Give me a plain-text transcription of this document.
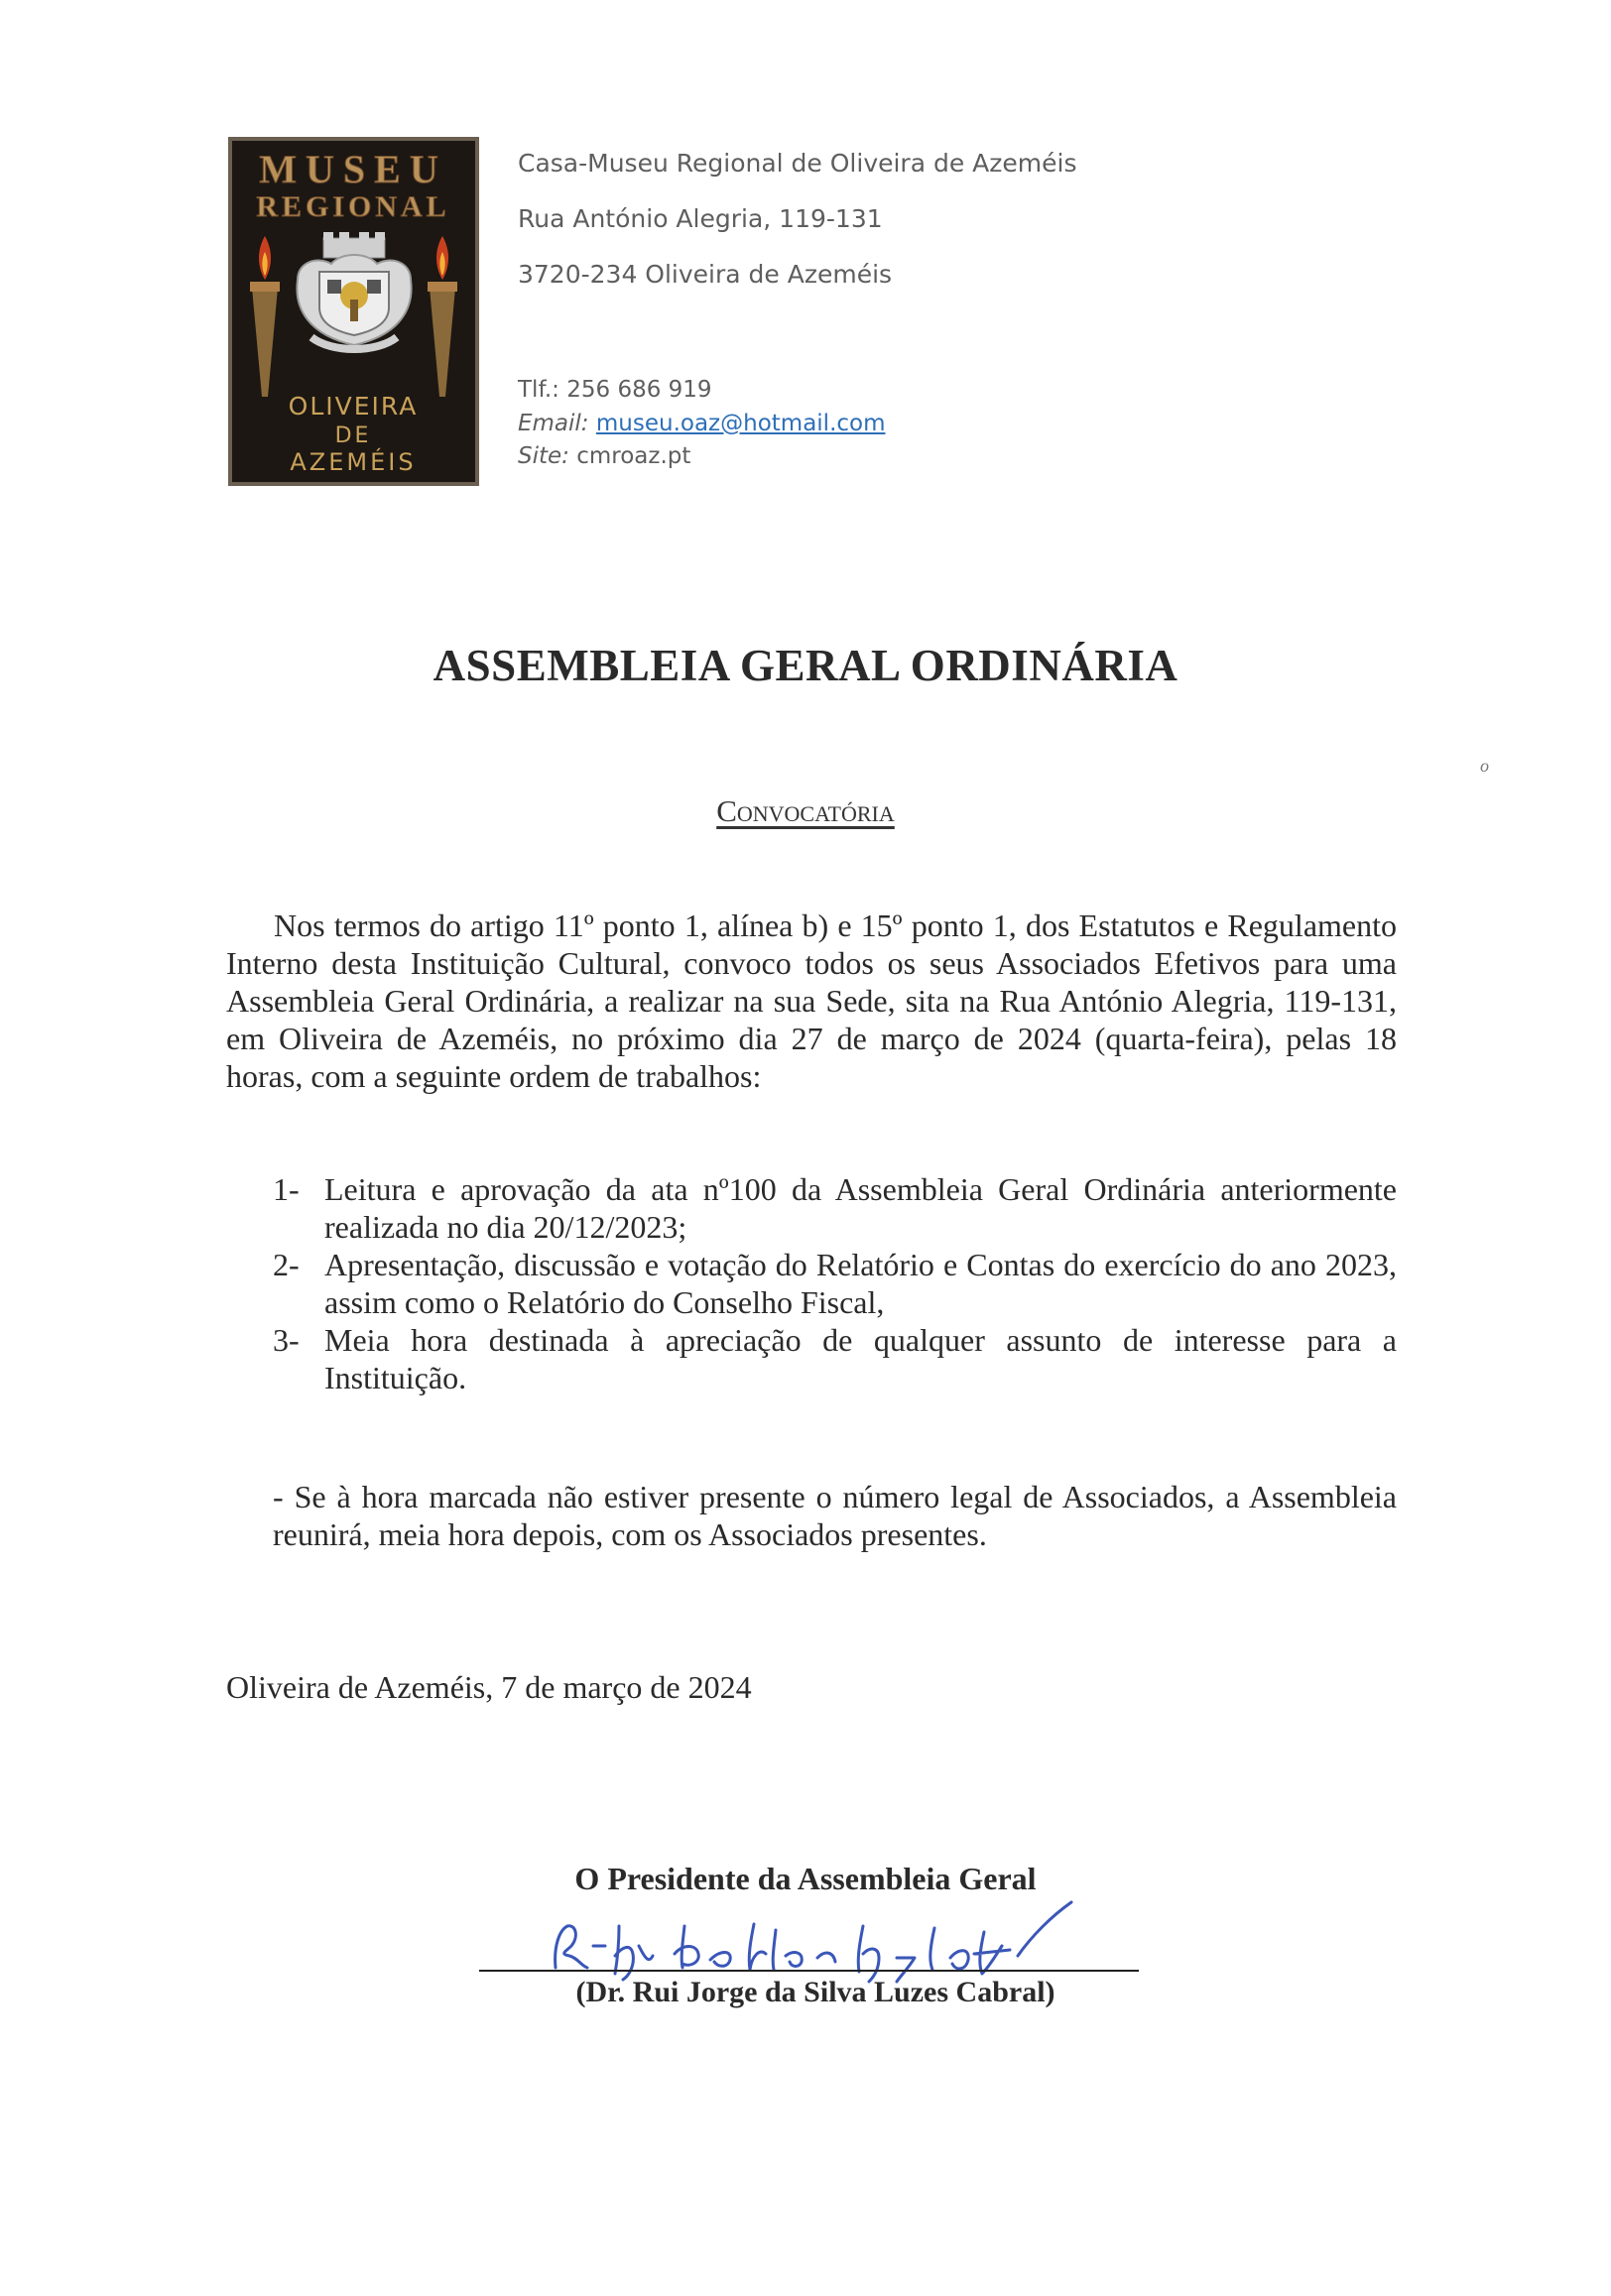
MUSEU
REGIONAL
OLIVEIRA
DE
AZEMÉIS
Casa-Museu Regional de Oliveira de Azeméis
Rua António Alegria, 119-131
3720-234 Oliveira de Azeméis
Tlf.: 256 686 919
Email: museu.oaz@hotmail.com
Site: cmroaz.pt
ASSEMBLEIA GERAL ORDINÁRIA
o
Convocatória
Nos termos do artigo 11º ponto 1, alínea b) e 15º ponto 1, dos Estatutos e Regulamento Interno desta Instituição Cultural, convoco todos os seus Associados Efetivos para uma Assembleia Geral Ordinária, a realizar na sua Sede, sita na Rua António Alegria, 119-131, em Oliveira de Azeméis, no próximo dia 27 de março de 2024 (quarta-feira), pelas 18 horas, com a seguinte ordem de trabalhos:
1- Leitura e aprovação da ata nº100 da Assembleia Geral Ordinária anteriormente realizada no dia 20/12/2023;
2- Apresentação, discussão e votação do Relatório e Contas do exercício do ano 2023, assim como o Relatório do Conselho Fiscal,
3- Meia hora destinada à apreciação de qualquer assunto de interesse para a Instituição.
- Se à hora marcada não estiver presente o número legal de Associados, a Assembleia reunirá, meia hora depois, com os Associados presentes.
Oliveira de Azeméis, 7 de março de 2024
O Presidente da Assembleia Geral
(Dr. Rui Jorge da Silva Luzes Cabral)
